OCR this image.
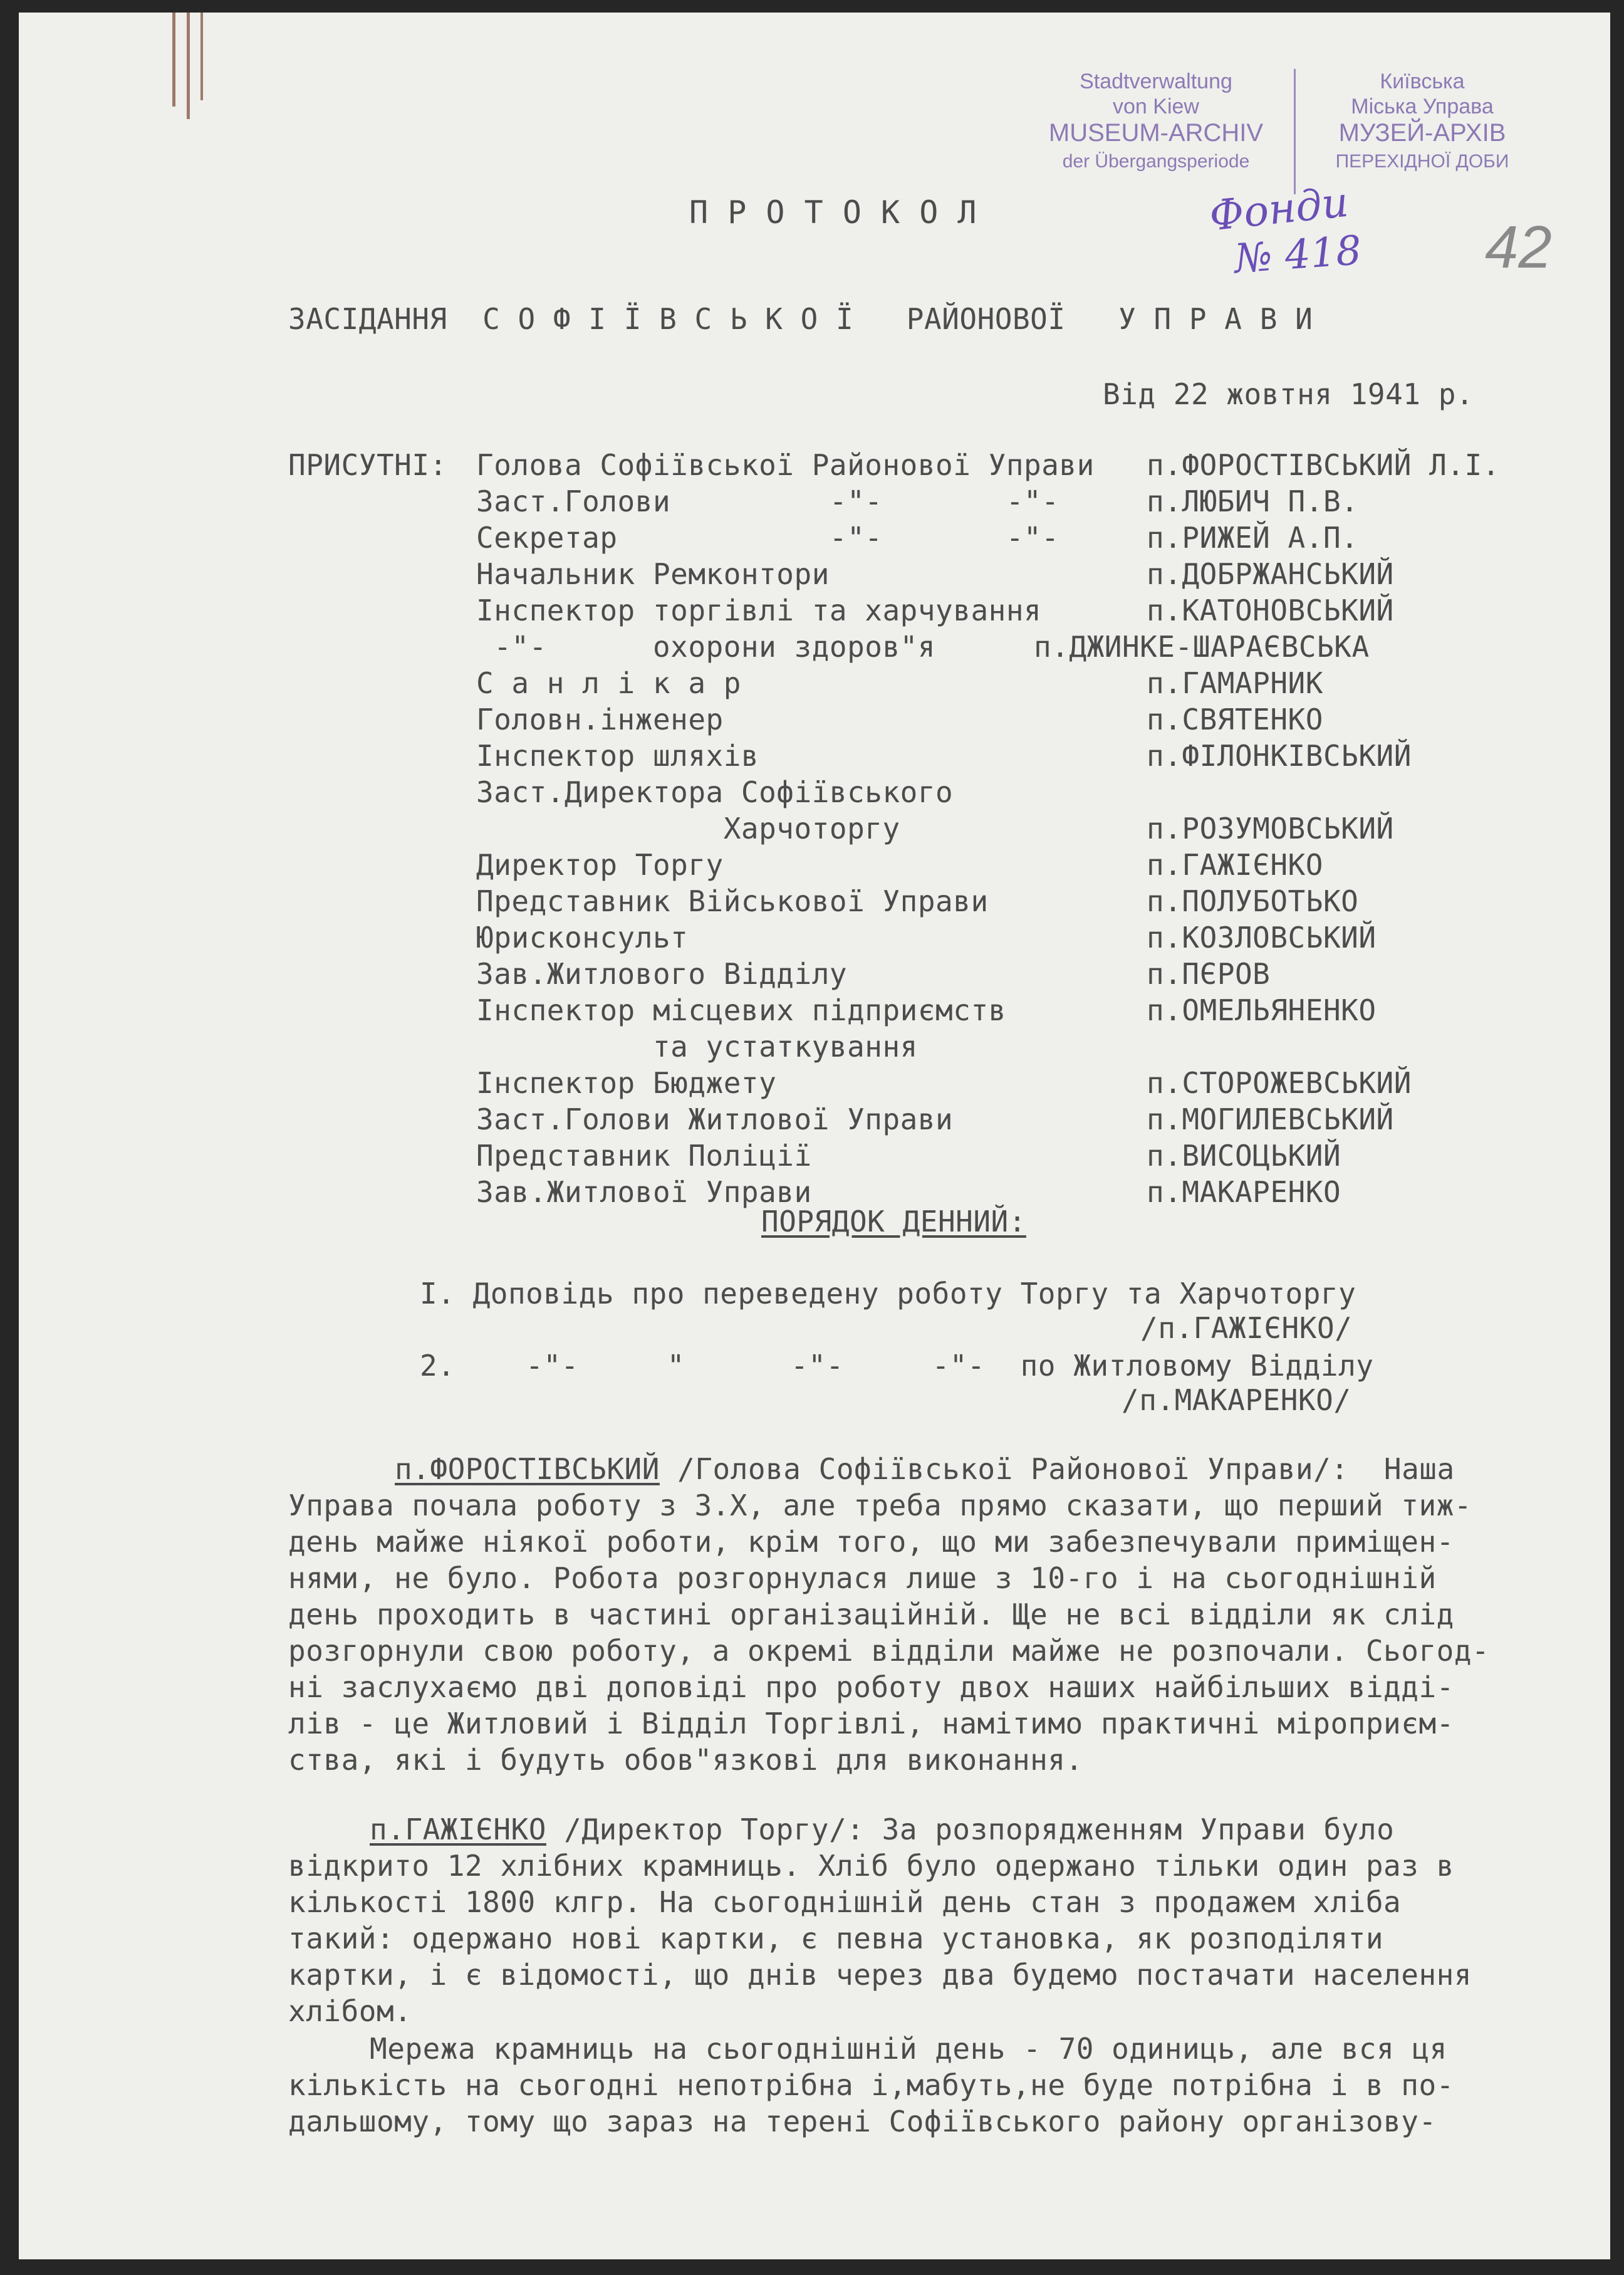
Stadtverwaltung
von Kiew
MUSEUM-ARCHIV
der Übergangsperiode
Київська
Міська Управа
МУЗЕЙ-АРХІВ
ПЕРЕХІДНОЇ ДОБИ
Фонди
№ 418 42
П Р О Т О К О Л
ЗАСІДАННЯ  С О Ф І Ї В С Ь К О Ї   РАЙОНОВОЇ   У П Р А В И
Від 22 жовтня 1941 р.
ПРИСУТНІ: Голова Софіївської Районової Управи п.ФОРОСТІВСЬКИЙ Л.І.
Заст.Голови         -"-       -"-	п.ЛЮБИЧ П.В.
Секретар            -"-       -"-	п.РИЖЕЙ А.П.
Начальник Ремконтори	п.ДОБРЖАНСЬКИЙ
Інспектор торгівлі та харчування	п.КАТОНОВСЬКИЙ
-"-      охорони здоров"я	п.ДЖИНКЕ-ШАРАЄВСЬКА
С а н л і к а р	п.ГАМАРНИК
Головн.інженер	п.СВЯТЕНКО
Інспектор шляхів	п.ФІЛОНКІВСЬКИЙ
Заст.Директора Софіївського
Харчоторгу	п.РОЗУМОВСЬКИЙ
Директор Торгу	п.ГАЖІЄНКО
Представник Військової Управи	п.ПОЛУБОТЬКО
Юрисконсульт	п.КОЗЛОВСЬКИЙ
Зав.Житлового Відділу	п.ПЄРОВ
Інспектор місцевих підприємств	п.ОМЕЛЬЯНЕНКО
та устаткування
Інспектор Бюджету	п.СТОРОЖЕВСЬКИЙ
Заст.Голови Житлової Управи	п.МОГИЛЕВСЬКИЙ
Представник Поліції	п.ВИСОЦЬКИЙ
Зав.Житлової Управи	п.МАКАРЕНКО
ПОРЯДОК ДЕННИЙ:
І. Доповідь про переведену роботу Торгу та Харчоторгу
/п.ГАЖІЄНКО/
2.    -"-     "      -"-     -"-  по Житловому Відділу
/п.МАКАРЕНКО/
п.ФОРОСТІВСЬКИЙ /Голова Софіївської Районової Управи/:  Наша
Управа почала роботу з 3.Х, але треба прямо сказати, що перший тиж-
день майже ніякої роботи, крім того, що ми забезпечували приміщен-
нями, не було. Робота розгорнулася лише з 10-го і на сьогоднішній
день проходить в частині організаційній. Ще не всі відділи як слід
розгорнули свою роботу, а окремі відділи майже не розпочали. Сьогод-
ні заслухаємо дві доповіді про роботу двох наших найбільших відді-
лів - це Житловий і Відділ Торгівлі, намітимо практичні міроприєм-
ства, які і будуть обов"язкові для виконання.
п.ГАЖІЄНКО /Директор Торгу/: За розпорядженням Управи було
відкрито 12 хлібних крамниць. Хліб було одержано тільки один раз в
кількості 1800 клгр. На сьогоднішній день стан з продажем хліба
такий: одержано нові картки, є певна установка, як розподіляти
картки, і є відомості, що днів через два будемо постачати населення
хлібом.
Мережа крамниць на сьогоднішній день - 70 одиниць, але вся ця
кількість на сьогодні непотрібна і,мабуть,не буде потрібна і в по-
дальшому, тому що зараз на терені Софіївського району організову-
